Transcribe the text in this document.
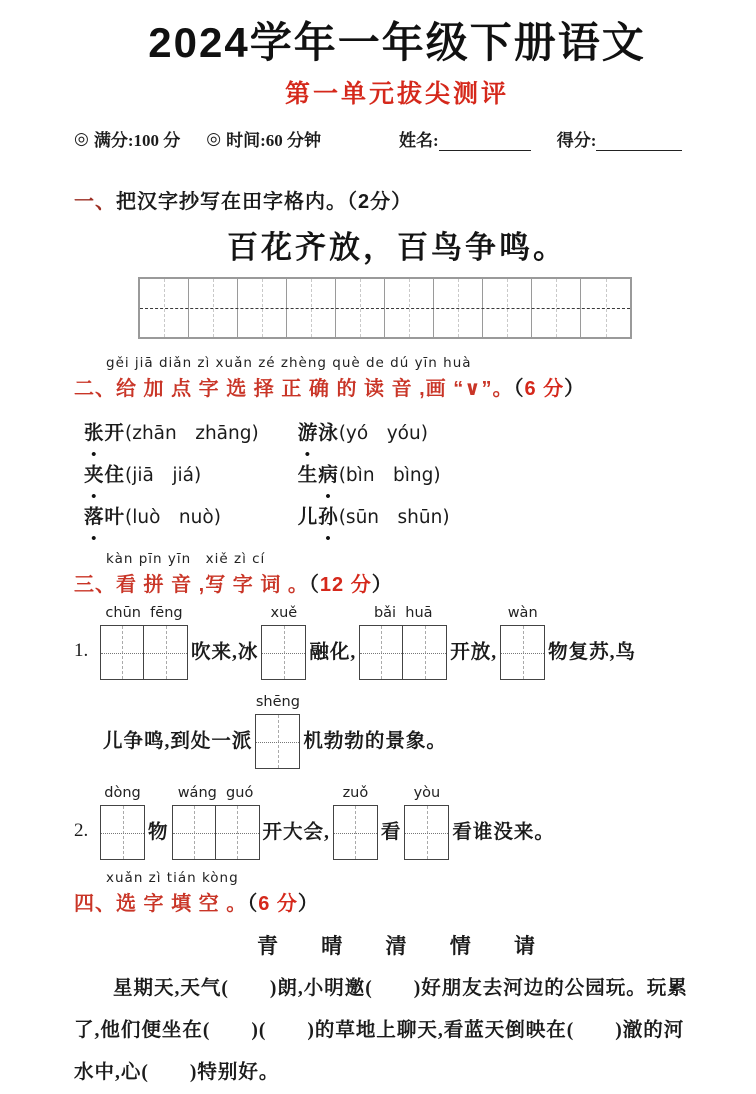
2024学年一年级下册语文
第一单元拔尖测评
◎ 满分:100 分 ◎ 时间:60 分钟	姓名:	得分:
一、把汉字抄写在田字格内。（2分）
百花齐放，百鸟争鸣。
gěi jiā diǎn zì xuǎn zé zhèng què de dú yīn huà
二、给 加 点 字 选 择 正 确 的 读 音 ,画 “∨”。（6 分）
张开(zhān　zhāng)	游泳(yó　yóu)
夹住(jiā　jiá)	生病(bìn　bìng)
落叶(luò　nuò)	儿孙(sūn　shūn)
kàn pīn yīn　xiě zì cí
三、看 拼 音 ,写 字 词 。（12 分）
1.
chūn  fēng
吹来,冰
xuě
融化,
bǎi  huā
开放,
wàn
物复苏,鸟
儿争鸣,到处一派
shēng
机勃勃的景象。
2.
dòng
物
wáng  guó
开大会,
zuǒ
看
yòu
看谁没来。
xuǎn zì tián kòng
四、选 字 填 空 。（6 分）
青 晴 清 情 请
星期天,天气(　　)朗,小明邀(　　)好朋友去河边的公园玩。玩累
了,他们便坐在(　　)(　　)的草地上聊天,看蓝天倒映在(　　)澈的河
水中,心(　　)特别好。
